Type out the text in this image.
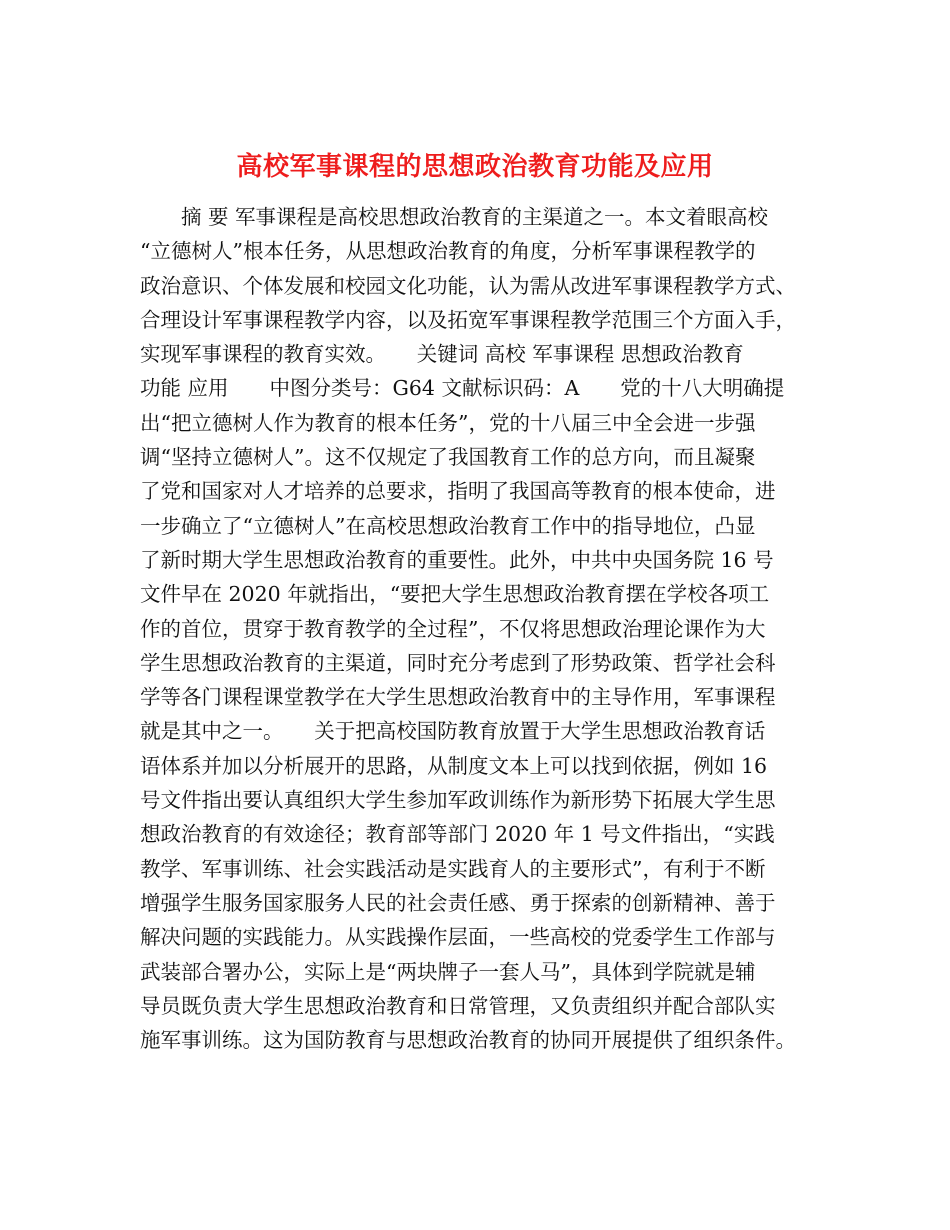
高校军事课程的思想政治教育功能及应用

　　摘 要 军事课程是高校思想政治教育的主渠道之一。本文着眼高校

“立德树人”根本任务，从思想政治教育的角度，分析军事课程教学的

政治意识、个体发展和校园文化功能，认为需从改进军事课程教学方式、

合理设计军事课程教学内容，以及拓宽军事课程教学范围三个方面入手，

实现军事课程的教育实效。　　关键词 高校 军事课程 思想政治教育

功能 应用　　中图分类号：G64 文献标识码：A　　党的十八大明确提

出“把立德树人作为教育的根本任务”，党的十八届三中全会进一步强

调“坚持立德树人”。这不仅规定了我国教育工作的总方向，而且凝聚

了党和国家对人才培养的总要求，指明了我国高等教育的根本使命，进

一步确立了“立德树人”在高校思想政治教育工作中的指导地位，凸显

了新时期大学生思想政治教育的重要性。此外，中共中央国务院 16 号

文件早在 2020 年就指出，“要把大学生思想政治教育摆在学校各项工

作的首位，贯穿于教育教学的全过程”，不仅将思想政治理论课作为大

学生思想政治教育的主渠道，同时充分考虑到了形势政策、哲学社会科

学等各门课程课堂教学在大学生思想政治教育中的主导作用，军事课程

就是其中之一。　　关于把高校国防教育放置于大学生思想政治教育话

语体系并加以分析展开的思路，从制度文本上可以找到依据，例如 16

号文件指出要认真组织大学生参加军政训练作为新形势下拓展大学生思

想政治教育的有效途径；教育部等部门 2020 年 1 号文件指出，“实践

教学、军事训练、社会实践活动是实践育人的主要形式”，有利于不断

增强学生服务国家服务人民的社会责任感、勇于探索的创新精神、善于

解决问题的实践能力。从实践操作层面，一些高校的党委学生工作部与

武装部合署办公，实际上是“两块牌子一套人马”，具体到学院就是辅

导员既负责大学生思想政治教育和日常管理，又负责组织并配合部队实

施军事训练。这为国防教育与思想政治教育的协同开展提供了组织条件。
